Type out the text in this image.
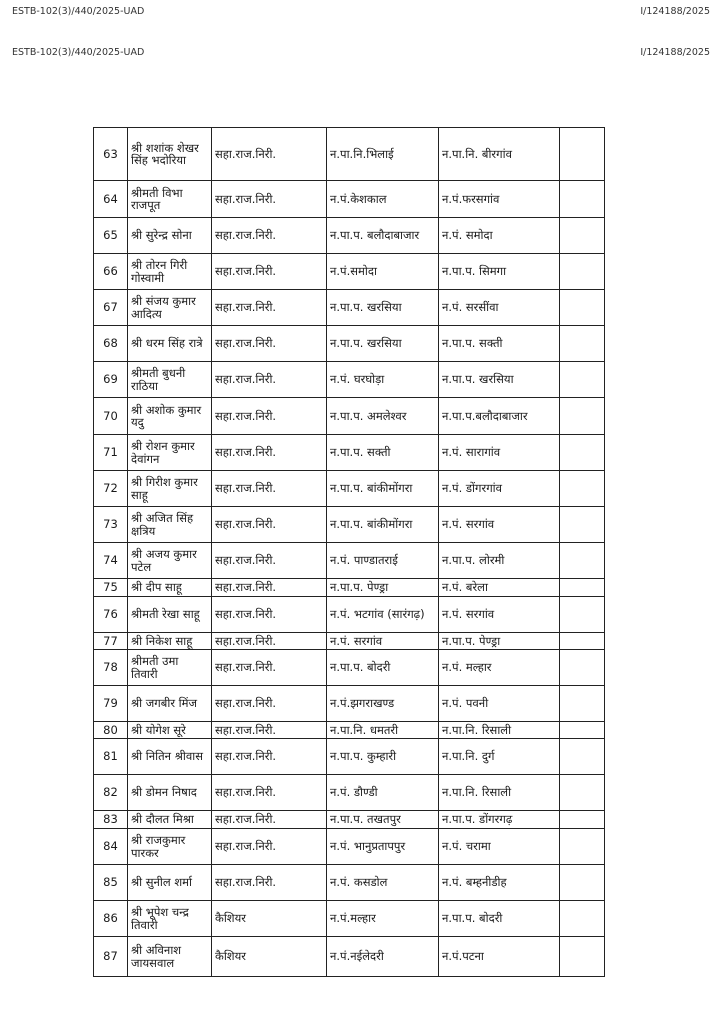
ESTB-102(3)/440/2025-UAD	I/124188/2025
ESTB-102(3)/440/2025-UAD	I/124188/2025
63	श्री शशांक शेखर सिंह भदोरिया	सहा.राज.निरी.	न.पा.नि.भिलाई	न.पा.नि. बीरगांव	
64	श्रीमती विभा राजपूत	सहा.राज.निरी.	न.पं.केशकाल	न.पं.फरसगांव	
65	श्री सुरेन्द्र सोना	सहा.राज.निरी.	न.पा.प. बलौदाबाजार	न.पं. समोदा	
66	श्री तोरन गिरी गोस्वामी	सहा.राज.निरी.	न.पं.समोदा	न.पा.प. सिमगा	
67	श्री संजय कुमार आदित्य	सहा.राज.निरी.	न.पा.प. खरसिया	न.पं. सरसींवा	
68	श्री धरम सिंह रात्रे	सहा.राज.निरी.	न.पा.प. खरसिया	न.पा.प. सक्ती	
69	श्रीमती बुधनी राठिया	सहा.राज.निरी.	न.पं. घरघोड़ा	न.पा.प. खरसिया	
70	श्री अशोक कुमार यदु	सहा.राज.निरी.	न.पा.प. अमलेश्वर	न.पा.प.बलौदाबाजार	
71	श्री रोशन कुमार देवांगन	सहा.राज.निरी.	न.पा.प. सक्ती	न.पं. सारागांव	
72	श्री गिरीश कुमार साहू	सहा.राज.निरी.	न.पा.प. बांकीमोंगरा	न.पं. डोंगरगांव	
73	श्री अजित सिंह क्षत्रिय	सहा.राज.निरी.	न.पा.प. बांकीमोंगरा	न.पं. सरगांव	
74	श्री अजय कुमार पटेल	सहा.राज.निरी.	न.पं. पाण्डातराई	न.पा.प. लोरमी	
75	श्री दीप साहू	सहा.राज.निरी.	न.पा.प. पेण्ड्रा	न.पं. बरेला	
76	श्रीमती रेखा साहू	सहा.राज.निरी.	न.पं. भटगांव (सारंगढ़)	न.पं. सरगांव	
77	श्री निकेश साहू	सहा.राज.निरी.	न.पं. सरगांव	न.पा.प. पेण्ड्रा	
78	श्रीमती उमा तिवारी	सहा.राज.निरी.	न.पा.प. बोदरी	न.पं. मल्हार	
79	श्री जगबीर मिंज	सहा.राज.निरी.	न.पं.झगराखण्ड	न.पं. पवनी	
80	श्री योगेश सूरे	सहा.राज.निरी.	न.पा.नि. धमतरी	न.पा.नि. रिसाली	
81	श्री नितिन श्रीवास	सहा.राज.निरी.	न.पा.प. कुम्हारी	न.पा.नि. दुर्ग	
82	श्री डोमन निषाद	सहा.राज.निरी.	न.पं. डौण्डी	न.पा.नि. रिसाली	
83	श्री दौलत मिश्रा	सहा.राज.निरी.	न.पा.प. तखतपुर	न.पा.प. डोंगरगढ़	
84	श्री राजकुमार पारकर	सहा.राज.निरी.	न.पं. भानुप्रतापपुर	न.पं. चरामा	
85	श्री सुनील शर्मा	सहा.राज.निरी.	न.पं. कसडोल	न.पं. बम्हनीडीह	
86	श्री भूपेश चन्द्र तिवारी	कैशियर	न.पं.मल्हार	न.पा.प. बोदरी	
87	श्री अविनाश जायसवाल	कैशियर	न.पं.नईलेदरी	न.पं.पटना	
